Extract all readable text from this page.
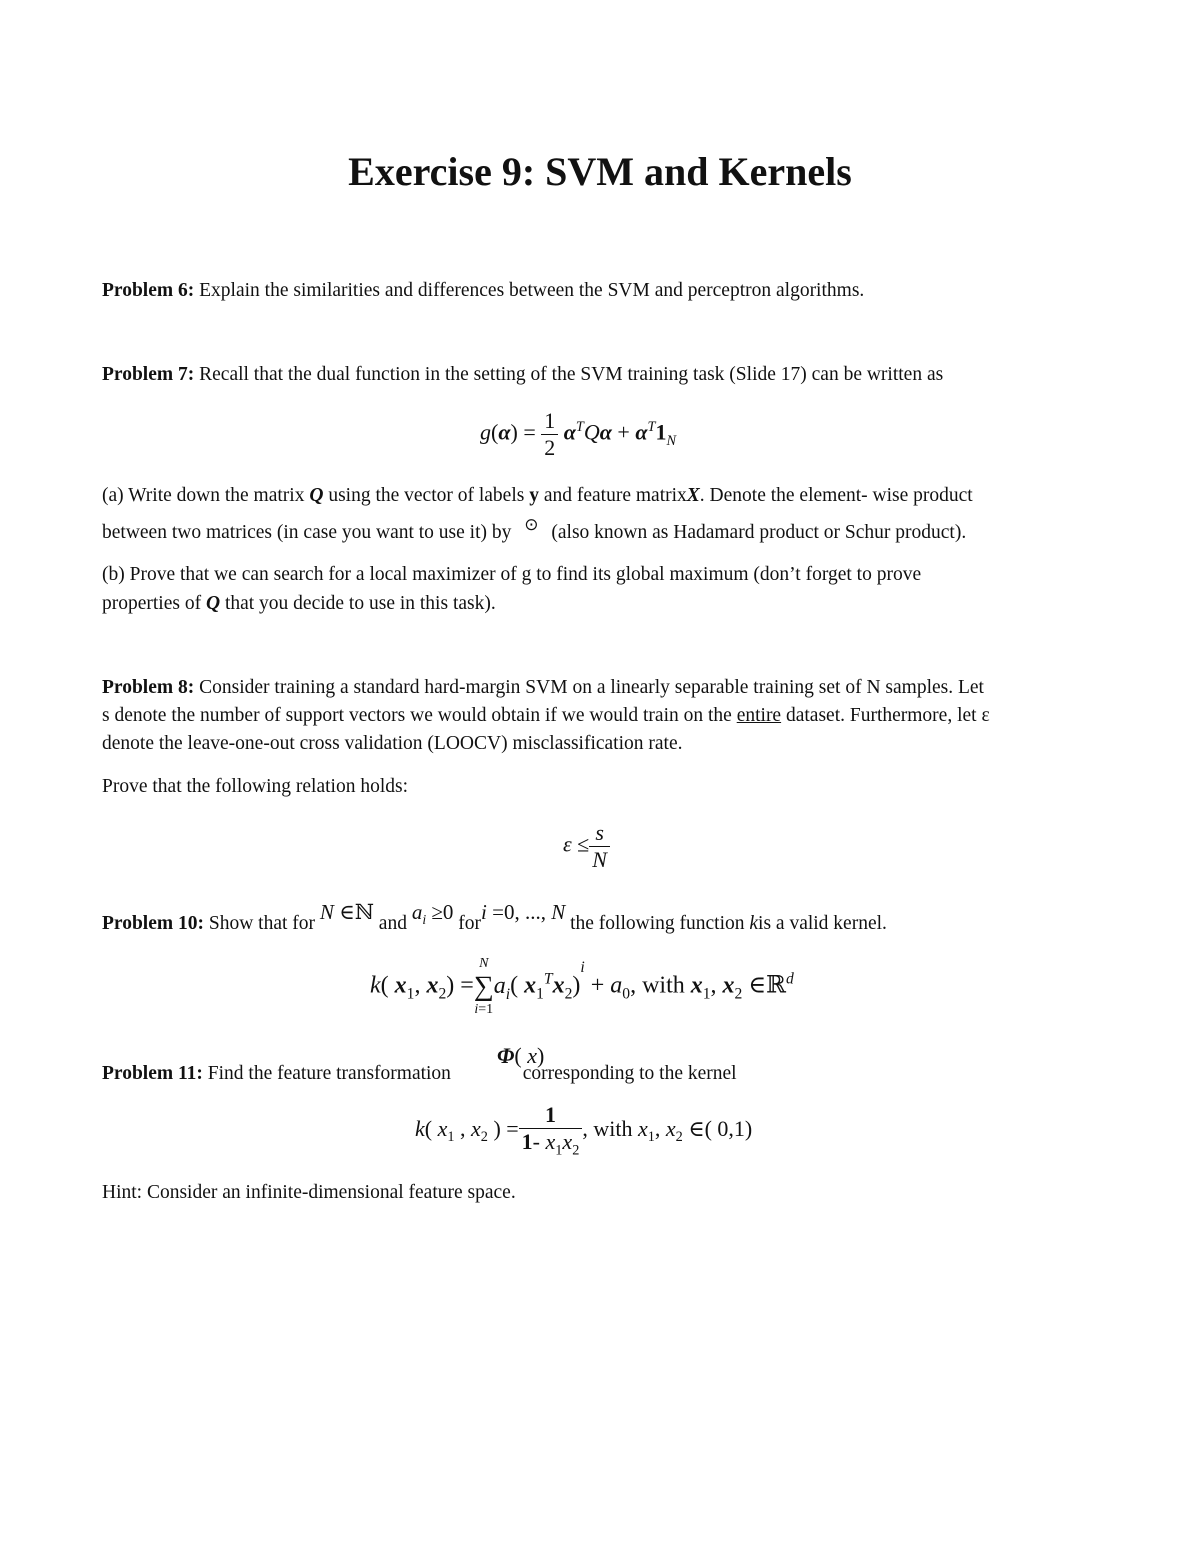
Exercise 9: SVM and Kernels
Problem 6: Explain the similarities and differences between the SVM and perceptron algorithms.
Problem 7: Recall that the dual function in the setting of the SVM training task (Slide 17) can be written as
$g(\alpha) = \frac{1}{2} \alpha^TQ\alpha + \alpha^T1_N$
(a) Write down the matrix Q using the vector of labels y and feature matrixX. Denote the element- wise product
between two matrices (in case you want to use it) by ⊙ (also known as Hadamard product or Schur product).
(b) Prove that we can search for a local maximizer of g to find its global maximum (don’t forget to prove
properties of Q that you decide to use in this task).
Problem 8: Consider training a standard hard-margin SVM on a linearly separable training set of N samples. Let
s denote the number of support vectors we would obtain if we would train on the entire dataset. Furthermore, let ε
denote the leave-one-out cross validation (LOOCV) misclassification rate.
Prove that the following relation holds:
$\varepsilon \le \frac{s}{N}$
Problem 10: Show that for N ∈ℕ and $a_i \ge 0$ fori =0, ..., N the following function kis a valid kernel.
k( $x_1$, $x_2$) =
N
∑
i=1
$a_i$( $x_1^Tx_2)^i + a_0$, with $x_1$, $x_2$ ∈ℝ$^d$
Φ( x)
Problem 11: Find the feature transformation	corresponding to the kernel
k( $x_1$ , $x_2$ ) = $\frac{1}{1- x_1x_2}$ , with $x_1$, $x_2$ ∈( 0,1)
Hint: Consider an infinite-dimensional feature space.
